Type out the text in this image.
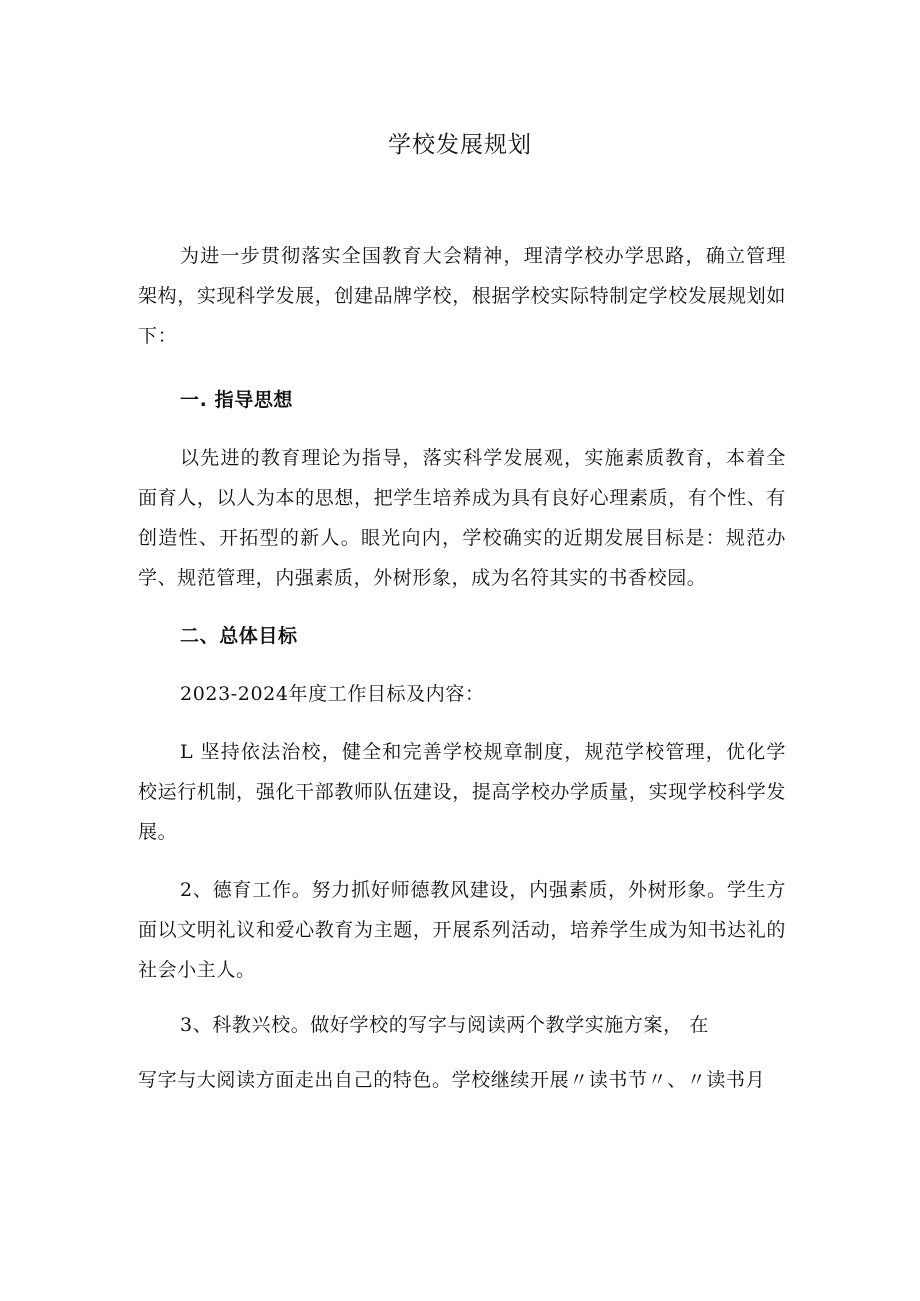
学校发展规划

为进一步贯彻落实全国教育大会精神，理清学校办学思路，确立管理架构，实现科学发展，创建品牌学校，根据学校实际特制定学校发展规划如下：

一. 指导思想

以先进的教育理论为指导，落实科学发展观，实施素质教育，本着全面育人，以人为本的思想，把学生培养成为具有良好心理素质，有个性、有创造性、开拓型的新人。眼光向内，学校确实的近期发展目标是：规范办学、规范管理，内强素质，外树形象，成为名符其实的书香校园。

二、总体目标

2023-2024年度工作目标及内容：

L 坚持依法治校，健全和完善学校规章制度，规范学校管理，优化学校运行机制，强化干部教师队伍建设，提高学校办学质量，实现学校科学发展。

2、德育工作。努力抓好师德教风建设，内强素质，外树形象。学生方面以文明礼议和爱心教育为主题，开展系列活动，培养学生成为知书达礼的社会小主人。

3、科教兴校。做好学校的写字与阅读两个教学实施方案， 在

写字与大阅读方面走出自己的特色。学校继续开展〃读书节〃、〃读书月
